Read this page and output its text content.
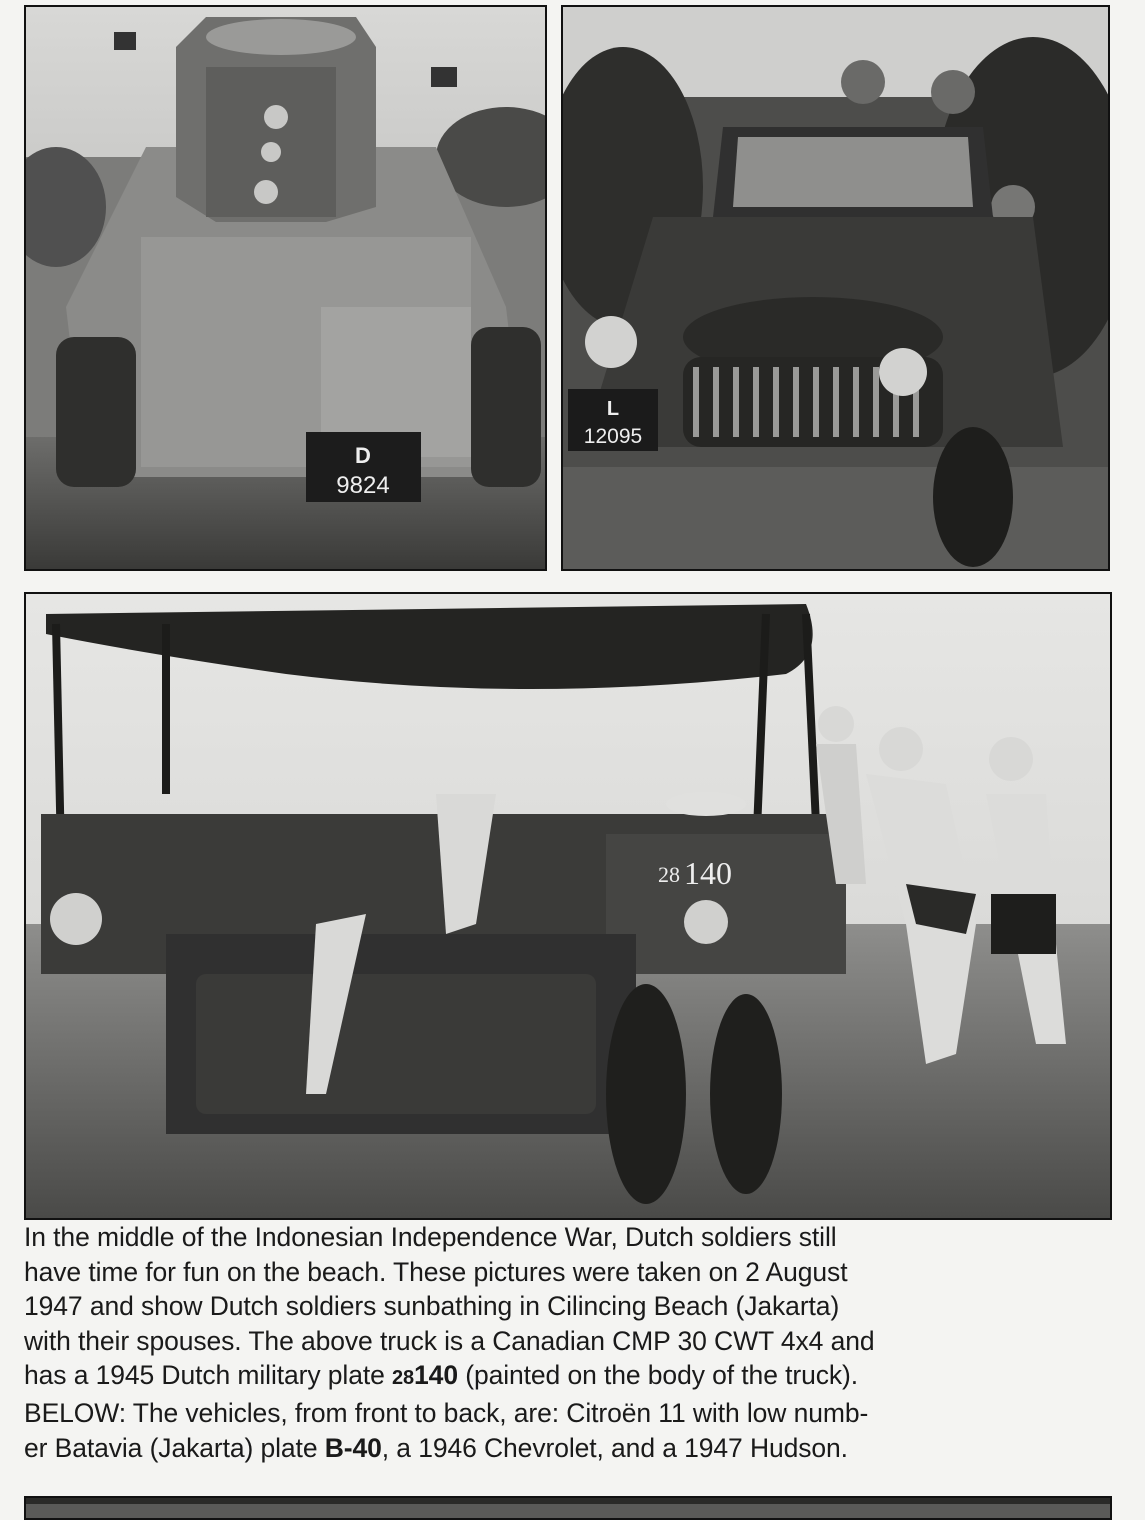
D
9824
L
12095
28 140

In the middle of the Indonesian Independence War, Dutch soldiers still
have time for fun on the beach. These pictures were taken on 2 August
1947 and show Dutch soldiers sunbathing in Cilincing Beach (Jakarta)
with their spouses. The above truck is a Canadian CMP 30 CWT 4x4 and
has a 1945 Dutch military plate 28140 (painted on the body of the truck).
BELOW: The vehicles, from front to back, are: Citroën 11 with low numb-
er Batavia (Jakarta) plate B-40, a 1946 Chevrolet, and a 1947 Hudson.
